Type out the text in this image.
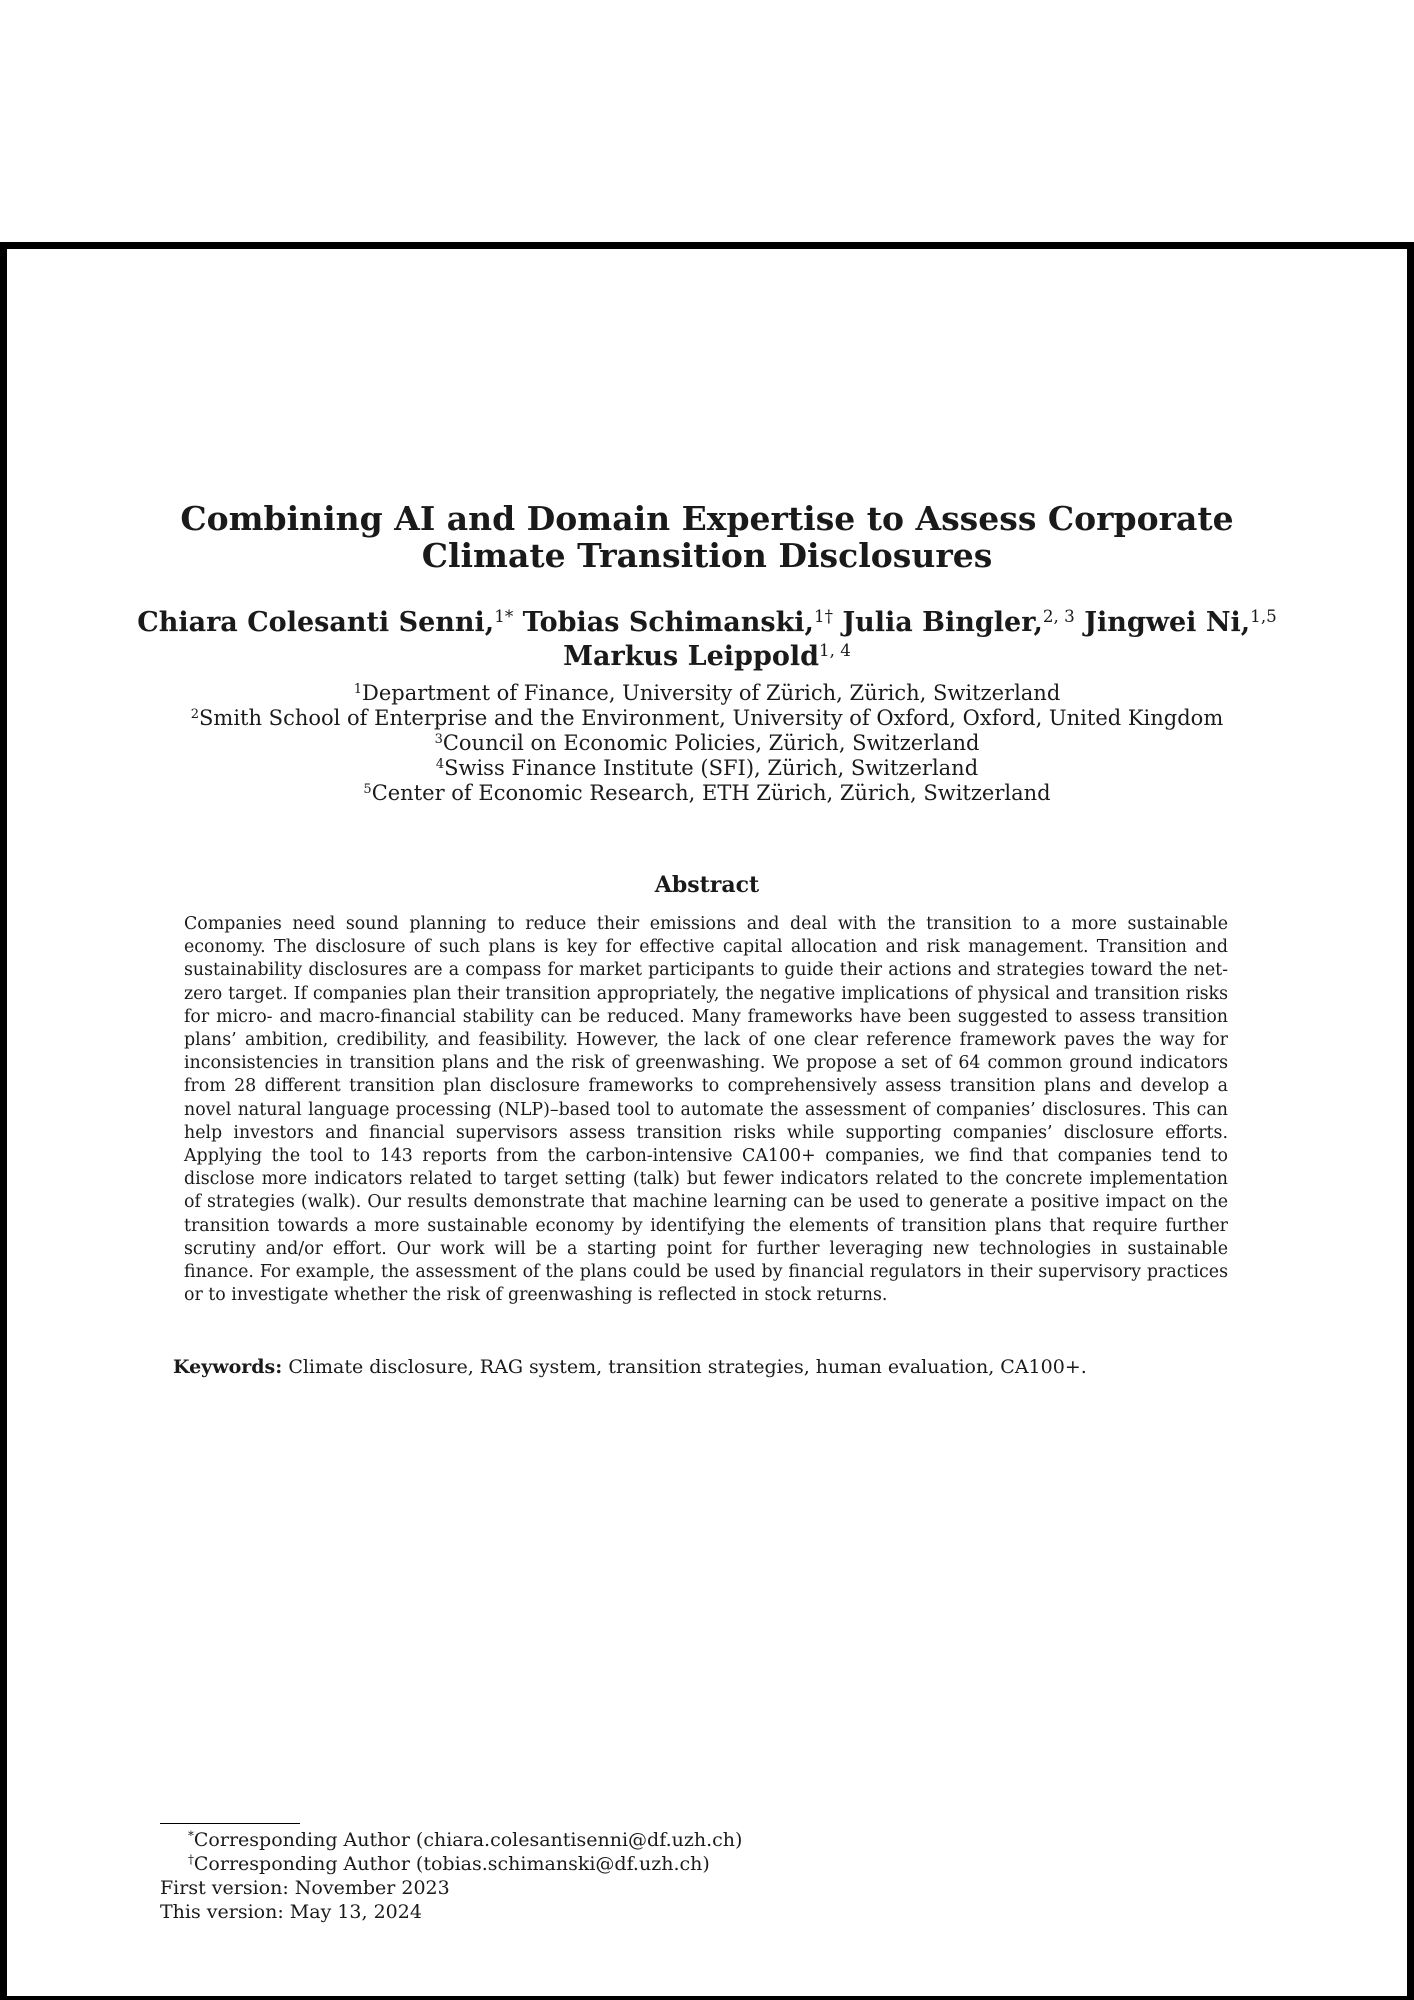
Combining AI and Domain Expertise to Assess Corporate
Climate Transition Disclosures
Chiara Colesanti Senni,$^{1*}$ Tobias Schimanski,$^{1\dagger}$ Julia Bingler,$^{2, 3}$ Jingwei Ni,$^{1,5}$
Markus Leippold$^{1, 4}$
$^1$Department of Finance, University of Zürich, Zürich, Switzerland
$^2$Smith School of Enterprise and the Environment, University of Oxford, Oxford, United Kingdom
$^3$Council on Economic Policies, Zürich, Switzerland
$^4$Swiss Finance Institute (SFI), Zürich, Switzerland
$^5$Center of Economic Research, ETH Zürich, Zürich, Switzerland
Abstract
Companies need sound planning to reduce their emissions and deal with the transition to a more sustainable economy. The disclosure of such plans is key for effective capital allocation and risk management. Transition and sustainability disclosures are a compass for market participants to guide their actions and strategies toward the net-zero target. If companies plan their transition appropriately, the negative implications of physical and transition risks for micro- and macro-financial stability can be reduced. Many frameworks have been suggested to assess transition plans’ ambition, credibility, and feasibility. However, the lack of one clear reference framework paves the way for inconsistencies in transition plans and the risk of greenwashing. We propose a set of 64 common ground indicators from 28 different transition plan disclosure frameworks to comprehensively assess transition plans and develop a novel natural language processing (NLP)–based tool to automate the assessment of companies’ disclosures. This can help investors and financial supervisors assess transition risks while supporting companies’ disclosure efforts. Applying the tool to 143 reports from the carbon-intensive CA100+ companies, we find that companies tend to disclose more indicators related to target setting (talk) but fewer indicators related to the concrete implementation of strategies (walk). Our results demonstrate that machine learning can be used to generate a positive impact on the transition towards a more sustainable economy by identifying the elements of transition plans that require further scrutiny and/or effort. Our work will be a starting point for further leveraging new technologies in sustainable finance. For example, the assessment of the plans could be used by financial regulators in their supervisory practices or to investigate whether the risk of greenwashing is reflected in stock returns.
Keywords: Climate disclosure, RAG system, transition strategies, human evaluation, CA100+.
*Corresponding Author (chiara.colesantisenni@df.uzh.ch)
†Corresponding Author (tobias.schimanski@df.uzh.ch)
First version: November 2023
This version: May 13, 2024
